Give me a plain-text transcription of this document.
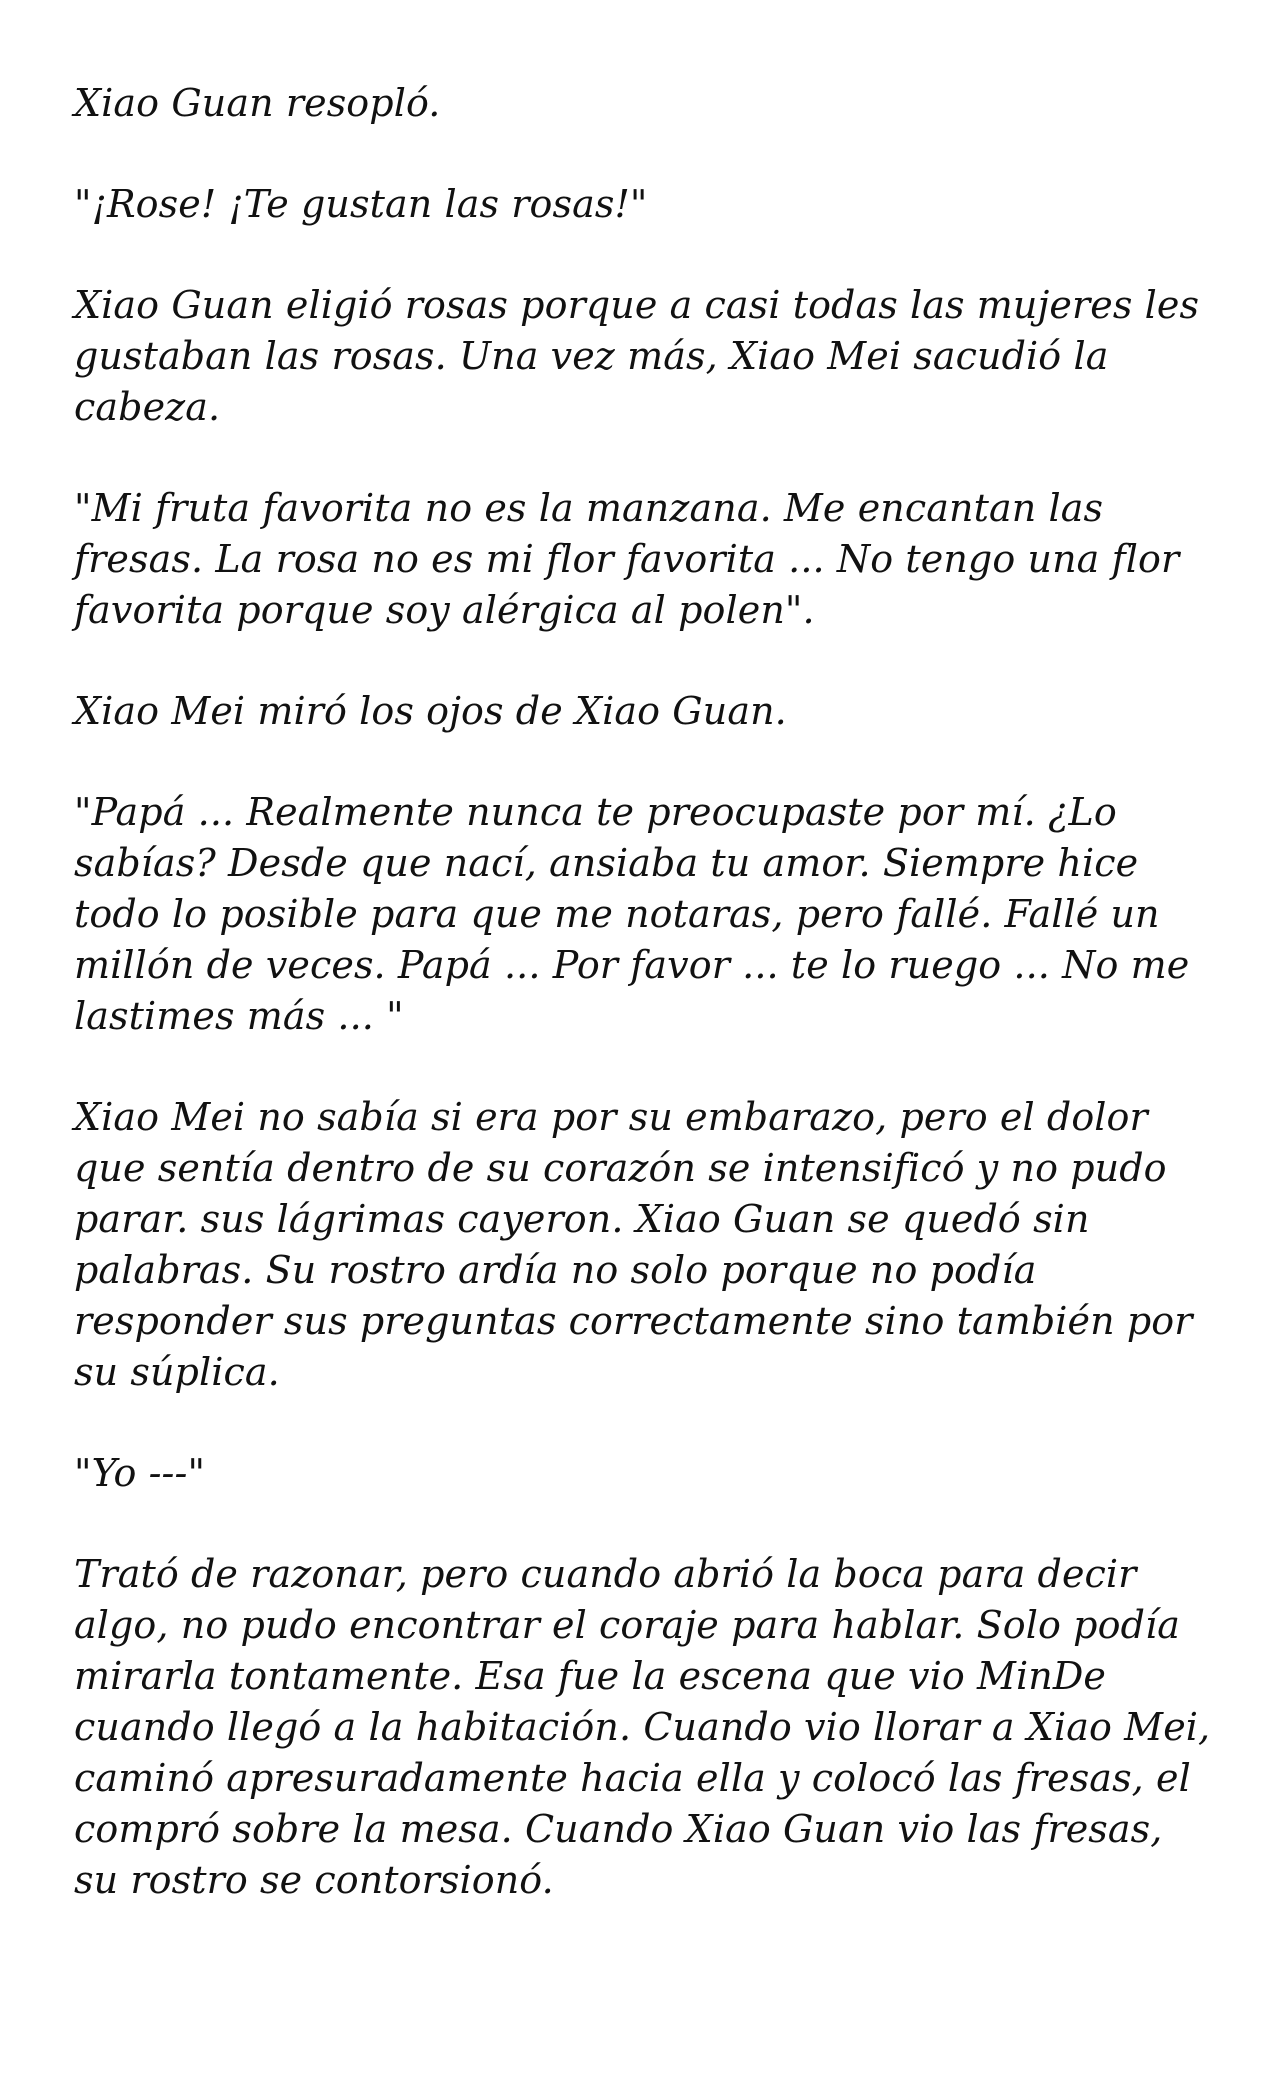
Xiao Guan resopló.

"¡Rose! ¡Te gustan las rosas!"

Xiao Guan eligió rosas porque a casi todas las mujeres les gustaban las rosas. Una vez más, Xiao Mei sacudió la cabeza.

"Mi fruta favorita no es la manzana. Me encantan las fresas. La rosa no es mi flor favorita ... No tengo una flor favorita porque soy alérgica al polen".

Xiao Mei miró los ojos de Xiao Guan.

"Papá ... Realmente nunca te preocupaste por mí. ¿Lo sabías? Desde que nací, ansiaba tu amor. Siempre hice todo lo posible para que me notaras, pero fallé. Fallé un millón de veces. Papá ... Por favor ... te lo ruego ... No me lastimes más ... "

Xiao Mei no sabía si era por su embarazo, pero el dolor que sentía dentro de su corazón se intensificó y no pudo parar. sus lágrimas cayeron. Xiao Guan se quedó sin palabras. Su rostro ardía no solo porque no podía responder sus preguntas correctamente sino también por su súplica.

"Yo ---"

Trató de razonar, pero cuando abrió la boca para decir algo, no pudo encontrar el coraje para hablar. Solo podía mirarla tontamente. Esa fue la escena que vio MinDe cuando llegó a la habitación. Cuando vio llorar a Xiao Mei, caminó apresuradamente hacia ella y colocó las fresas, el compró sobre la mesa. Cuando Xiao Guan vio las fresas, su rostro se contorsionó.
